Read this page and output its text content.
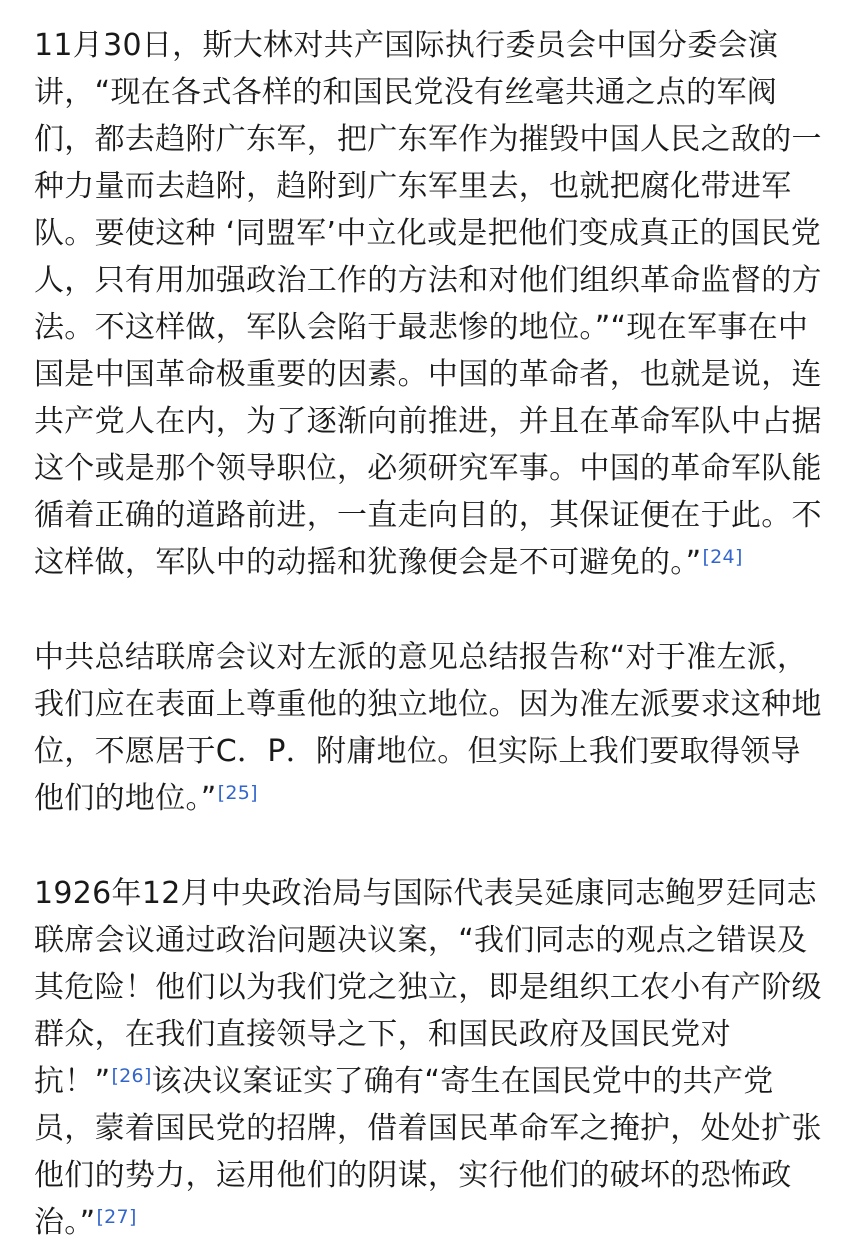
11月30日，斯大林对共产国际执行委员会中国分委会演讲，“现在各式各样的和国民党没有丝毫共通之点的军阀们，都去趋附广东军，把广东军作为摧毁中国人民之敌的一种力量而去趋附，趋附到广东军里去，也就把腐化带进军队。要使这种 ‘同盟军’中立化或是把他们变成真正的国民党人，只有用加强政治工作的方法和对他们组织革命监督的方法。不这样做，军队会陷于最悲惨的地位。”“现在军事在中国是中国革命极重要的因素。中国的革命者，也就是说，连共产党人在内，为了逐渐向前推进，并且在革命军队中占据这个或是那个领导职位，必须研究军事。中国的革命军队能循着正确的道路前进，一直走向目的，其保证便在于此。不这样做，军队中的动摇和犹豫便会是不可避免的。”[24]

中共总结联席会议对左派的意见总结报告称“对于准左派，我们应在表面上尊重他的独立地位。因为准左派要求这种地位，不愿居于C．P．附庸地位。但实际上我们要取得领导他们的地位。”[25]

1926年12月中央政治局与国际代表吴延康同志鲍罗廷同志联席会议通过政治问题决议案，“我们同志的观点之错误及其危险！他们以为我们党之独立，即是组织工农小有产阶级群众，在我们直接领导之下，和国民政府及国民党对抗！”[26]该决议案证实了确有“寄生在国民党中的共产党员，蒙着国民党的招牌，借着国民革命军之掩护，处处扩张他们的势力，运用他们的阴谋，实行他们的破坏的恐怖政治。”[27]
